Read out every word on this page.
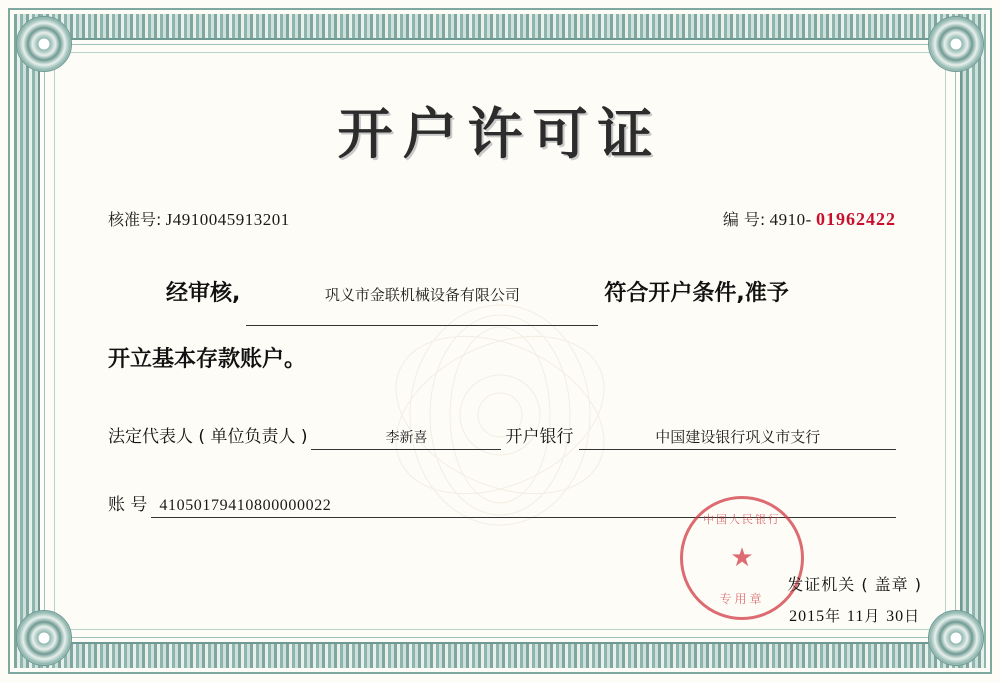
开户许可证
核准号: J4910045913201	编 号: 4910- 01962422
经审核,	巩义市金联机械设备有限公司	符合开户条件,准予
开立基本存款账户。
法定代表人 ( 单位负责人 )	李新喜	开户银行	中国建设银行巩义市支行
账 号 41050179410800000022
中国人民银行
★
专用章
发证机关 ( 盖章 )
2015年 11月 30日
